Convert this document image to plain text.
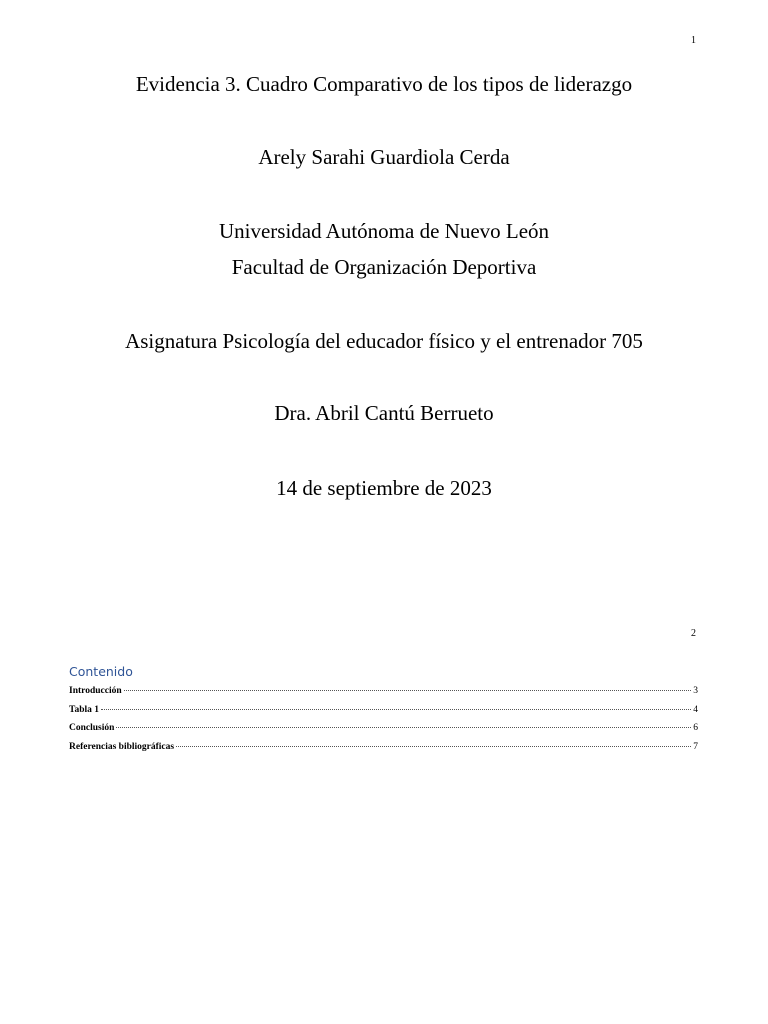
1
Evidencia 3. Cuadro Comparativo de los tipos de liderazgo
Arely Sarahi Guardiola Cerda
Universidad Autónoma de Nuevo León
Facultad de Organización Deportiva
Asignatura Psicología del educador físico y el entrenador 705
Dra. Abril Cantú Berrueto
14 de septiembre de 2023
2
Contenido
Introducción	3
Tabla 1	4
Conclusión	6
Referencias bibliográficas	7
